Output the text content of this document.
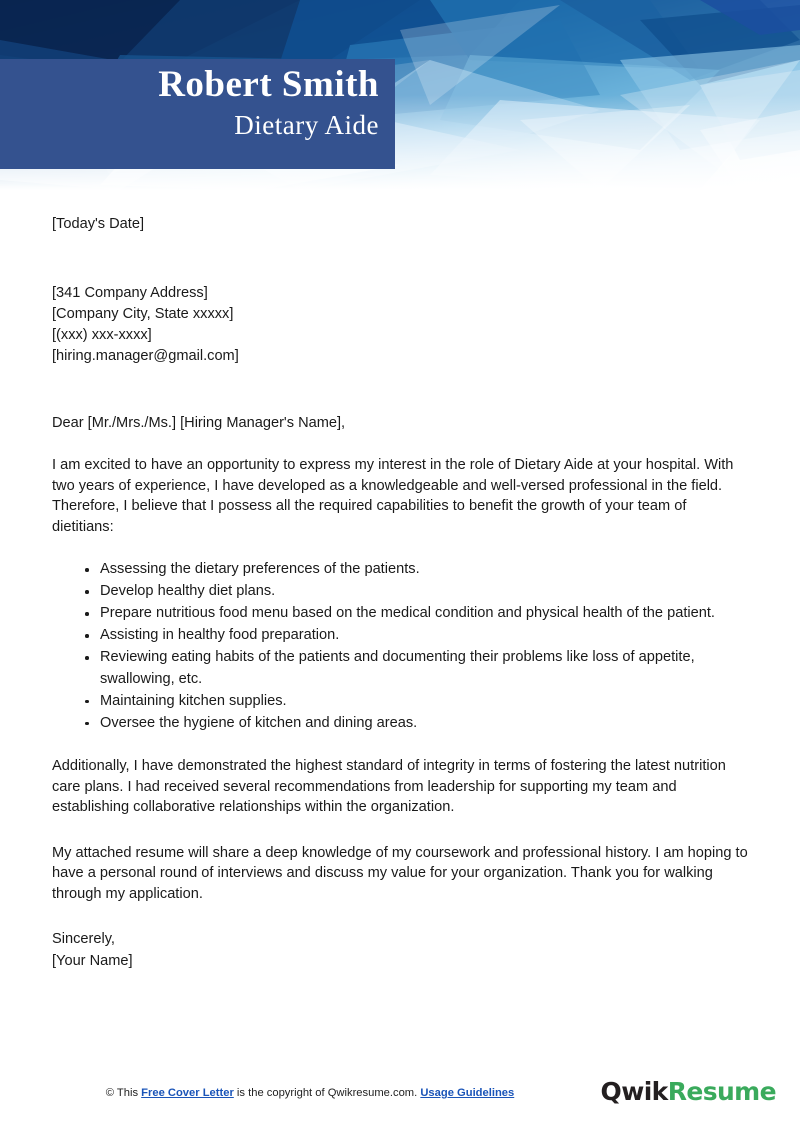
Robert Smith
Dietary Aide

[Today's Date]

[341 Company Address]

[Company City, State xxxxx]

[(xxx) xxx-xxxx]

[hiring.manager@gmail.com]

Dear [Mr./Mrs./Ms.] [Hiring Manager's Name],

I am excited to have an opportunity to express my interest in the role of Dietary Aide at your hospital. With two years of experience, I have developed as a knowledgeable and well-versed professional in the field. Therefore, I believe that I possess all the required capabilities to benefit the growth of your team of dietitians:

Assessing the dietary preferences of the patients.
Develop healthy diet plans.
Prepare nutritious food menu based on the medical condition and physical health of the patient.
Assisting in healthy food preparation.
Reviewing eating habits of the patients and documenting their problems like loss of appetite, swallowing, etc.
Maintaining kitchen supplies.
Oversee the hygiene of kitchen and dining areas.

Additionally, I have demonstrated the highest standard of integrity in terms of fostering the latest nutrition care plans. I had received several recommendations from leadership for supporting my team and establishing collaborative relationships within the organization.

My attached resume will share a deep knowledge of my coursework and professional history. I am hoping to have a personal round of interviews and discuss my value for your organization. Thank you for walking through my application.

Sincerely,

[Your Name]

© This Free Cover Letter is the copyright of Qwikresume.com. Usage Guidelines	QwikResume
